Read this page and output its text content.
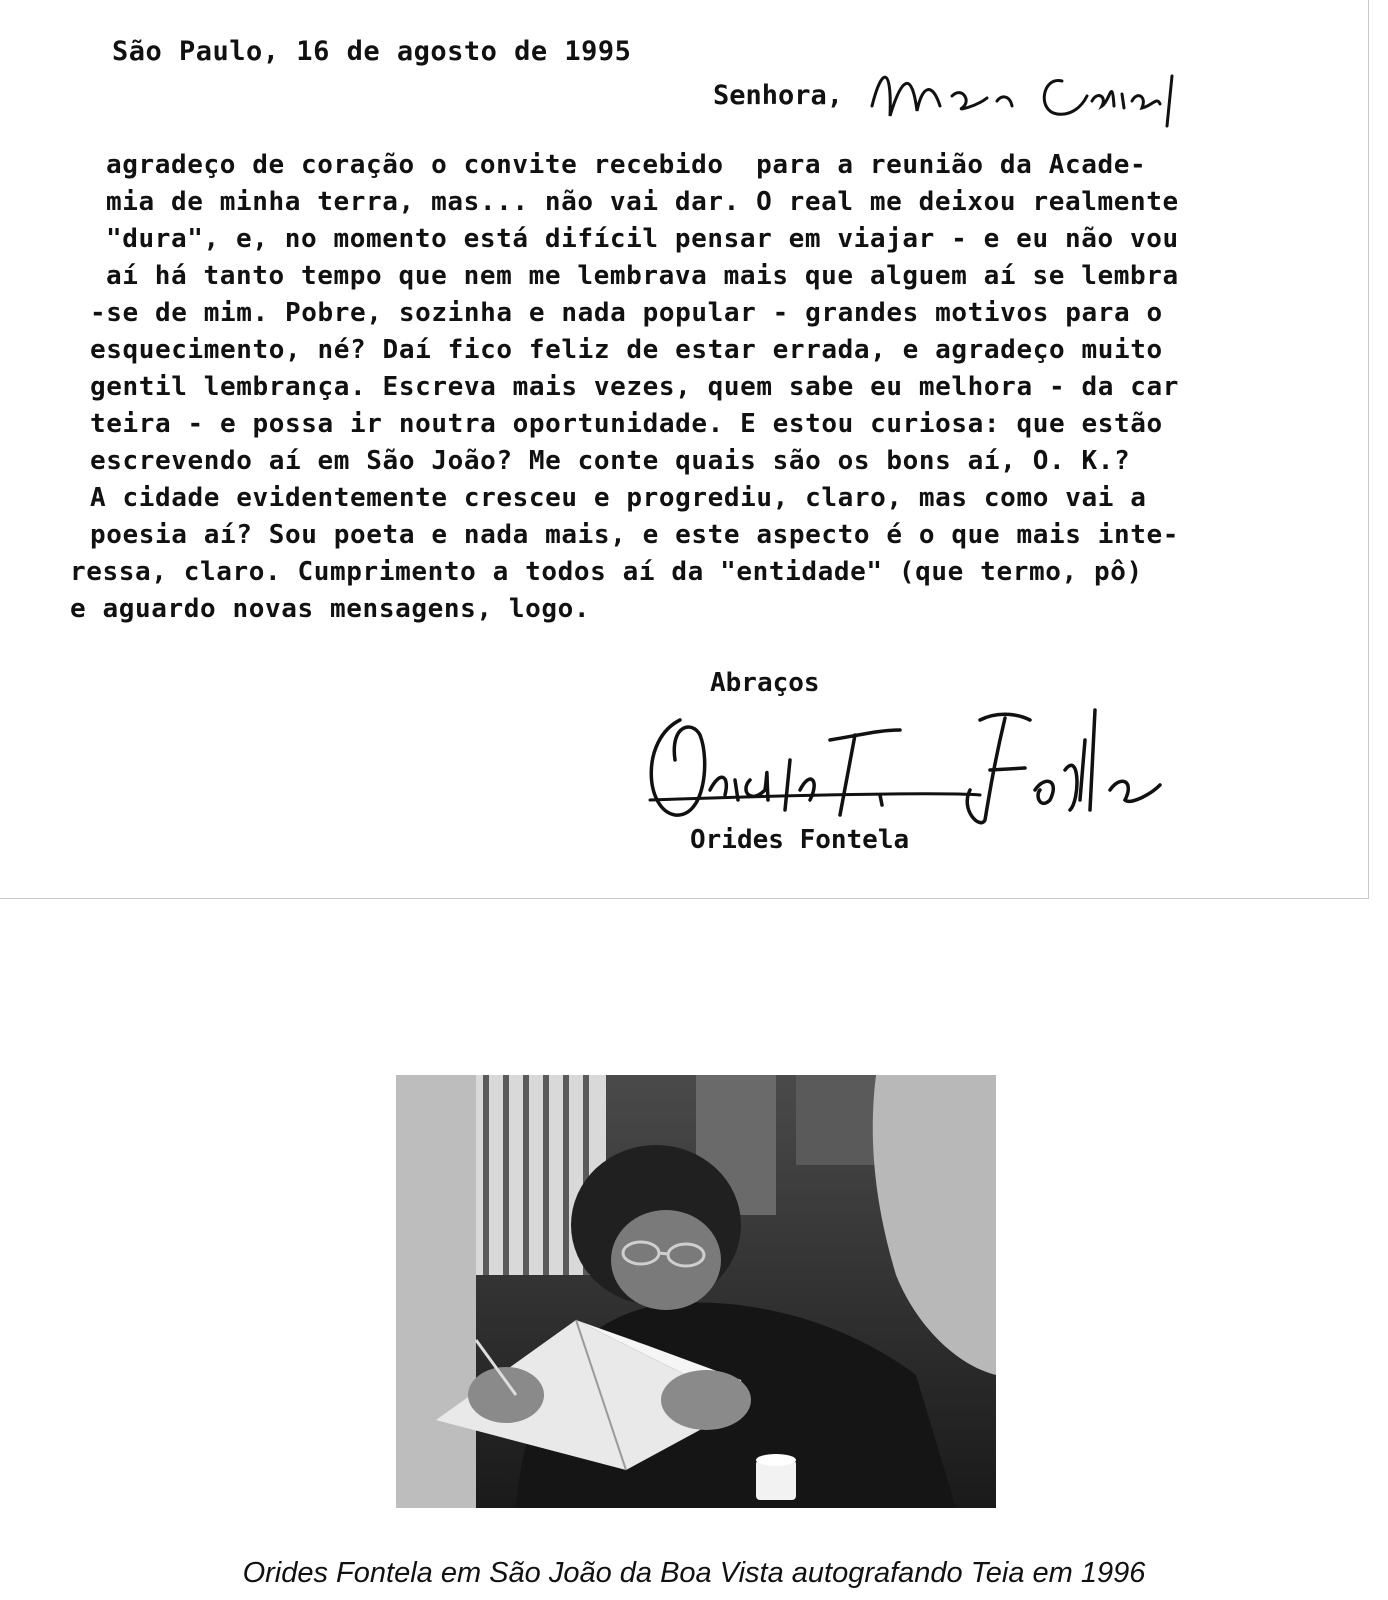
São Paulo, 16 de agosto de 1995
Senhora,
agradeço de coração o convite recebido  para a reunião da Acade-
mia de minha terra, mas... não vai dar. O real me deixou realmente
"dura", e, no momento está difícil pensar em viajar - e eu não vou
aí há tanto tempo que nem me lembrava mais que alguem aí se lembra
-se de mim. Pobre, sozinha e nada popular - grandes motivos para o
esquecimento, né? Daí fico feliz de estar errada, e agradeço muito
gentil lembrança. Escreva mais vezes, quem sabe eu melhora - da car
teira - e possa ir noutra oportunidade. E estou curiosa: que estão
escrevendo aí em São João? Me conte quais são os bons aí, O. K.?
A cidade evidentemente cresceu e progrediu, claro, mas como vai a
poesia aí? Sou poeta e nada mais, e este aspecto é o que mais inte-
ressa, claro. Cumprimento a todos aí da "entidade" (que termo, pô)
e aguardo novas mensagens, logo.
Abraços
Orides Fontela
Orides Fontela em São João da Boa Vista autografando Teia em 1996
